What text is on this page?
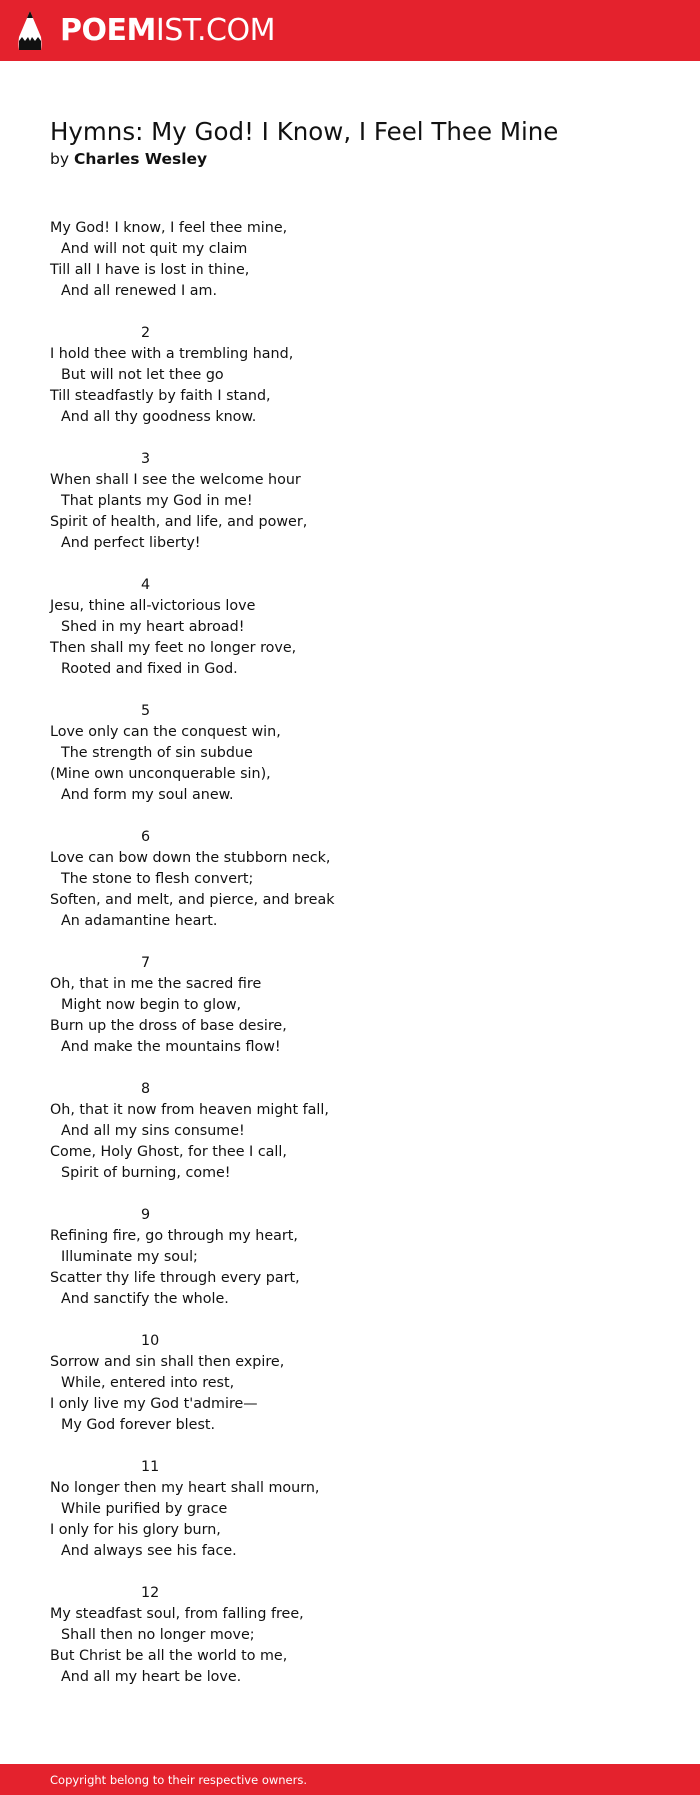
POEMIST.COM
Hymns: My God! I Know, I Feel Thee Mine
by Charles Wesley
My God! I know, I feel thee mine,
And will not quit my claim
Till all I have is lost in thine,
And all renewed I am.
2
I hold thee with a trembling hand,
But will not let thee go
Till steadfastly by faith I stand,
And all thy goodness know.
3
When shall I see the welcome hour
That plants my God in me!
Spirit of health, and life, and power,
And perfect liberty!
4
Jesu, thine all-victorious love
Shed in my heart abroad!
Then shall my feet no longer rove,
Rooted and fixed in God.
5
Love only can the conquest win,
The strength of sin subdue
(Mine own unconquerable sin),
And form my soul anew.
6
Love can bow down the stubborn neck,
The stone to flesh convert;
Soften, and melt, and pierce, and break
An adamantine heart.
7
Oh, that in me the sacred fire
Might now begin to glow,
Burn up the dross of base desire,
And make the mountains flow!
8
Oh, that it now from heaven might fall,
And all my sins consume!
Come, Holy Ghost, for thee I call,
Spirit of burning, come!
9
Refining fire, go through my heart,
Illuminate my soul;
Scatter thy life through every part,
And sanctify the whole.
10
Sorrow and sin shall then expire,
While, entered into rest,
I only live my God t'admire—
My God forever blest.
11
No longer then my heart shall mourn,
While purified by grace
I only for his glory burn,
And always see his face.
12
My steadfast soul, from falling free,
Shall then no longer move;
But Christ be all the world to me,
And all my heart be love.
Copyright belong to their respective owners.
